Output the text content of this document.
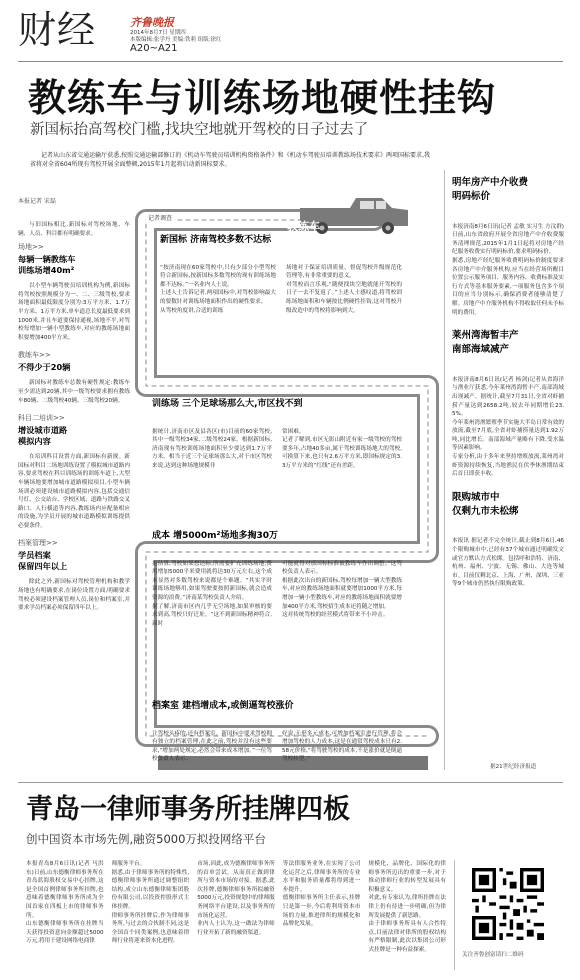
财经	齐鲁晚报
2014年8月7日 星期四
本版编辑:张学丹 美编:铁莉 组版:徐红
A20~A21
教练车与训练场地硬性挂钩
新国标抬高驾校门槛,找块空地就开驾校的日子过去了

记者从山东省交通运输厅获悉,按照交通运输部修订的《机动车驾驶员培训机构资格条件》和《机动车驾驶员培训教练场技术要求》两项国标要求,我省将对全省604所现有驾校开展全面整顿,2015年1月起将启动新国标要求。

本报记者 宋磊

与旧国标相比,新国标对驾校场地、车辆、人员、科目都有明确要求。

场地>>
每辆一辆教练车
训练场增40m²

以小型车辆驾驶员培训机构为例,新国标将驾校按照规模分为一、二、三级驾校,要求场地面积最低限度分别为:3万平方米、1.7万平方米、1万平方米,单车道总长度最低要求到1000米,并且车道要保持通视,场地不平,对驾校每增加一辆小型教练车,对应的教练场地面积要增加400平方米。

教练车>>
不得少于20辆

新国标对教练车总数有硬性规定:教练车至少需达到20辆,其中一级驾校要求拥有教练车80辆、二级驾校40辆、三级驾校20辆。

科目二培训>>
增设城市道路
模拟内容

在培训科目设置方面,新国标有新规。新国标对科目二场地训练设置了模拟城市道路内容,要求驾校在科目训练场的训练车道上,大型车辆场地要增加城市道路模拟项目,小型车辆场训必须建设城市道路模拟内容,包括交通信号灯、公交站台、学校区域、道路与铁路交叉路口、人行横道等内容,教练场内应配备相应的设施,为学员开展的城市道路模拟训练提供必要条件。

档案管理>>
学员档案
保留四年以上

除此之外,新国标对驾校管理机构和教学场地也有明确要求,在岗位设置方面,明确要求驾校必须建设档案管理人员,岗位和档案室,并要求学员档案必须保留四年以上。

教练车
记者调查
新国标 济南驾校多数不达标

“按济南现在60家驾校中,只有少部分小型驾校符合新国标,按新国标多数驾校的现有训练场地都不达标。”一名业内人士说。
上述人士告诉记者,两项国标中,对驾校影响最大的要数针对训练场地面积作出的硬性要求。
从驾校角度讲,合适的训练

场地对于保证培训质量、督促驾校升级规范化管理等,有非常重要的意义。
对驾校而言乐观,“随便找块空地就能开驾校的日子一去不复返了。”上述人士感叹道,将驾校训练场地面积和车辆按比例硬性挂钩,这对驾校升级改造中的驾校将影响到大。
训练场 三个足球场那么大,市区找不到

据统计,济南市区及县各区(市)目前的60家驾校,其中一级驾校34家,二级驾校24家。根据新国标,济南现有驾校训练场地面积至少要达到1.7万平方米。相当于近三个足球场那么大,对于市区驾校来说,达到这种场地规模非

常困难。
记者了解到,市区无影山附近有家一级驾校的驾校要多年,占地40多亩,属于驾校训练场地大的驾校,可换算下来,也只有2.6万平方米,即国标规定的3.3万平方米的“红线”还有差距。
成本 增5000m²场地多掏30万

据估算,驾校如果想达标,所需要扩充训练场地,费用增加5000平米费用就将达30万元左右,这个成本显然对多数驾校来说都是个难题。“其实平时训练场地够用,如果驾驶要按照新国标,就会造成资源的浪费。”济南某驾校负责人介绍。
据了解,济南市区内几乎无空场地,如果审核的要求到高,驾校只好迁址。“这不到新国标精神符合,届时

可能就得对那国标标准被教练车作出调整。”这驾校负责人表示。
根据此次出台的新国标,驾校每增加一辆大型教练车,对应的教练场地面积就要增加1000平方米,每增加一辆小型教练车,对应的教练场地面积就要增加400平方米,驾校招生成本还将随之增加。
这对传统驾校的经营模式将带来不小冲击。
档案室 建档增成本,或倒逼驾校涨价

让驾校头疼的,还有档案室。新国标中要求驾校拥有独立的档案管理,在此之前,驾校并没有这些要求,“增加两处规定,必然会带来成本增加。”一位驾校负责人表示。

好说,无形多元成本,可增加档案室进行管理,将会增加驾校的人力成本,这是在通常驾校成本只有2.58元价格,“将驾驶驾校的成本,不是涨价就是倒逼驾校转型。”
明年房产中介收费
明码标价

本报济南8月6日讯(记者 孟敏 实习生 方汶群)日前,山东省政府开展全省房地产中介收费服务清理规范,2015年1月1日起将对房地产经纪服务收费实行明码标价,要求明码标价。
据悉,房地产经纪服务收费明码标价制度要求各房地产中介服务机构,应当在经营场所醒目位置公示服务项目、服务内容、收费标准及实行方式等基本服务要素,一项服务包含多个项目的应当分别标示,确保消费者能够清楚了解。房地产中介服务机构不得收取任何未予标明的费用。
莱州湾海暂丰产
南部海域减产

本报济南8月6日讯(记者 杨剑)记者从省海洋与渔业厅获悉,今年莱州湾海暂丰产,南部海域出现减产。据统计,截至7月31日,全省对虾捕捞产量达到2658.2吨,较去年同期增长23.5%。
今年莱州湾渔繁殖季节实施大半岛日常有效的放流,截至7月底,全省对虾捕捞量达到1.92万吨,同比增长。南部海域产量略有下降,受水温等因素影响。
专家分析,由于多年来坚持增殖放流,莱州湾对虾资源持续恢复,当地渔民在伏季休渔期结束后首日即获丰收。
限购城市中
仅剩九市未松绑

本报讯 据记者不完全统计,截止到8月6日,46个限购城市中,已经有37个城市通过明确发文或官方默认方式松绑。包括呼和浩特、济南、杭州、福州、宁波、无锡、佛山、大连等城市。目前仅剩北京、上海、广州、深圳、三亚等9个城市仍然执行限购政策。
据21世纪经济报道
青岛一律师事务所挂牌四板
创中国资本市场先例,融资5000万拟投网络平台
本报青岛8月6日讯(记者 马洪东)日前,山东德衡律师事务所在青岛蓝海股权交易中心挂牌,这是全国首例律师事务所挂牌,也意味着德衡律师事务所成为全国首家在四板上市的律师事务所。
山东德衡律师事务所在挂牌当天获得投资意向金额超过5000万元,将用于建设网络电商律
师服务平台。
据悉,由于律师事务所的特殊性,德衡律师事务所通过调整组织结构,成立山东德衡律师集团股份有限公司,以投资控股形式主体挂牌。
律师事务所挂牌后,作为律师事务所,与过去的合伙制不同,这是全国首个同类案例,也意味着律师行业将迎来资本化进程,
市场,因此,成为德衡律师事务所的首单尝试。从而真正做到律所与资本市场的对接。据悉,此次挂牌,德衡律师事务所拟融资5000万元,投资规划中的律师服务网络平台建设,以及事务所的市场化运营。
业内人士认为,这一做法为律师行业开拓了新的融资渠道。
等法律服务业务,在实现了公司化运营之后,律师事务所的专业水平和服务质量都将得到进一步提升。
德衡律师事务所主任表示,挂牌只是第一步,今后将利用资本市场的力量,推进律所的规模化和品牌化发展。
规模化、品牌化、国际化的律师事务所迈出的重要一步,对于推动律师行业的转型发展具有积极意义。
对此,有专家认为,律所挂牌在法律上仍有待进一步明确,但为律所发展提供了新思路。
由于律师事务所具有人合性特点,目前法律对律所的股权结构有严格限制,此次以集团公司形式挂牌是一种有益探索。
关注齐鲁创富请扫二维码
